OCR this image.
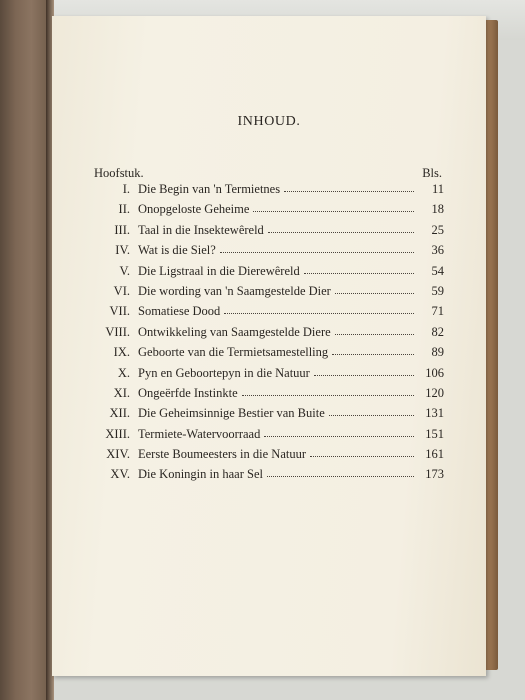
INHOUD.
Hoofstuk.	Bls.
I. Die Begin van 'n Termietnes	11
II. Onopgeloste Geheime	18
III. Taal in die Insektewêreld	25
IV. Wat is die Siel?	36
V. Die Ligstraal in die Dierewêreld	54
VI. Die wording van 'n Saamgestelde Dier	59
VII. Somatiese Dood	71
VIII. Ontwikkeling van Saamgestelde Diere	82
IX. Geboorte van die Termietsamestelling	89
X. Pyn en Geboortepyn in die Natuur	106
XI. Ongeërfde Instinkte	120
XII. Die Geheimsinnige Bestier van Buite	131
XIII. Termiete-Watervoorraad	151
XIV. Eerste Boumeesters in die Natuur	161
XV. Die Koningin in haar Sel	173
